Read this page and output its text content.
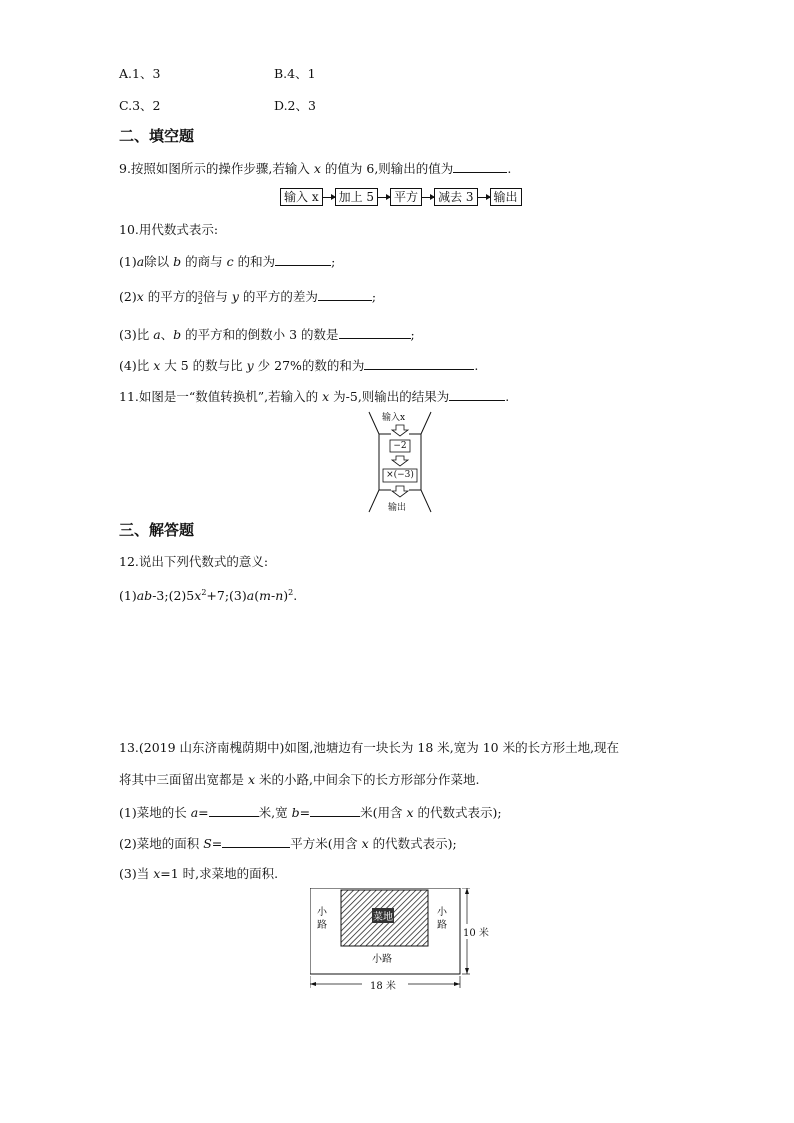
A.1、3	B.4、1
C.3、2	D.2、3
二、填空题
9.按照如图所示的操作步骤,若输入 x 的值为 6,则输出的值为	.
输入 x	加上 5	平方	减去 3	输出
10.用代数式表示:
(1)a除以 b 的商与 c 的和为	;
(2)x 的平方的 3
2 倍与 y 的平方的差为	;
(3)比 a、b 的平方和的倒数小 3 的数是	;
(4)比 x 大 5 的数与比 y 少 27%的数的和为	.
11.如图是一“数值转换机”,若输入的 x 为-5,则输出的结果为	.
输入x
−2
×(−3)
输出
三、解答题
12.说出下列代数式的意义:
$(1)ab-3;(2)5x^2+7;(3)a(m-n)^2$.
13.(2019 山东济南槐荫期中)如图,池塘边有一块长为 18 米,宽为 10 米的长方形土地,现在
将其中三面留出宽都是 x 米的小路,中间余下的长方形部分作菜地.
(1)菜地的长 a=	米,宽 b=	米(用含 x 的代数式表示);
(2)菜地的面积 S=	平方米(用含 x 的代数式表示);
(3)当 x=1 时,求菜地的面积.
菜地
小路
小路
小路
10 米
18 米
